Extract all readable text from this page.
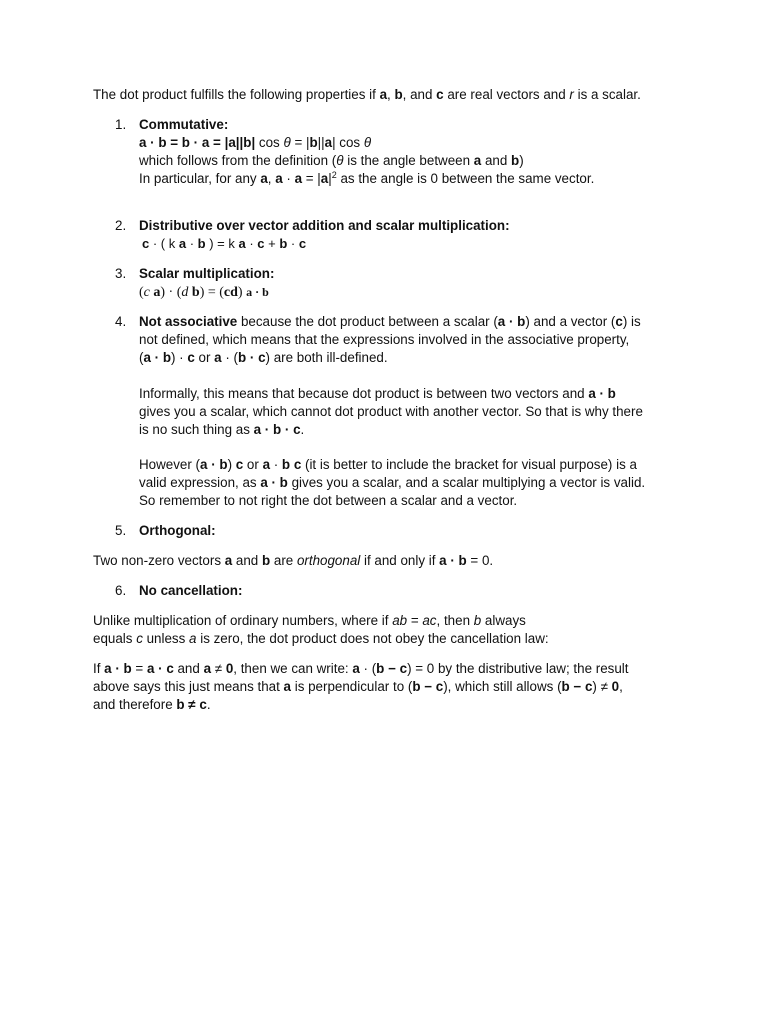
The dot product fulfills the following properties if a, b, and c are real vectors and r is a scalar.
1. Commutative:
a · b = b · a = |a||b| cos θ = |b||a| cos θ
which follows from the definition (θ is the angle between a and b)
In particular, for any a, $a \cdot a = |a|^2$ as the angle is 0 between the same vector.
2. Distributive over vector addition and scalar multiplication:
c · ( k a · b ) = k a · c + b · c
3. Scalar multiplication:
(c a) · (d b) = (cd) a · b
4. Not associative because the dot product between a scalar (a · b) and a vector (c) is
not defined, which means that the expressions involved in the associative property,
(a · b) · c or a · (b · c) are both ill-defined.
Informally, this means that because dot product is between two vectors and a · b
gives you a scalar, which cannot dot product with another vector. So that is why there
is no such thing as a · b · c.
However (a · b) c or a · b c (it is better to include the bracket for visual purpose) is a
valid expression, as a · b gives you a scalar, and a scalar multiplying a vector is valid.
So remember to not right the dot between a scalar and a vector.
5. Orthogonal:
Two non-zero vectors a and b are orthogonal if and only if a · b = 0.
6. No cancellation:
Unlike multiplication of ordinary numbers, where if ab = ac, then b always
equals c unless a is zero, the dot product does not obey the cancellation law:
If a · b = a · c and a ≠ 0, then we can write: a · (b − c) = 0 by the distributive law; the result
above says this just means that a is perpendicular to (b − c), which still allows (b − c) ≠ 0,
and therefore b ≠ c.
